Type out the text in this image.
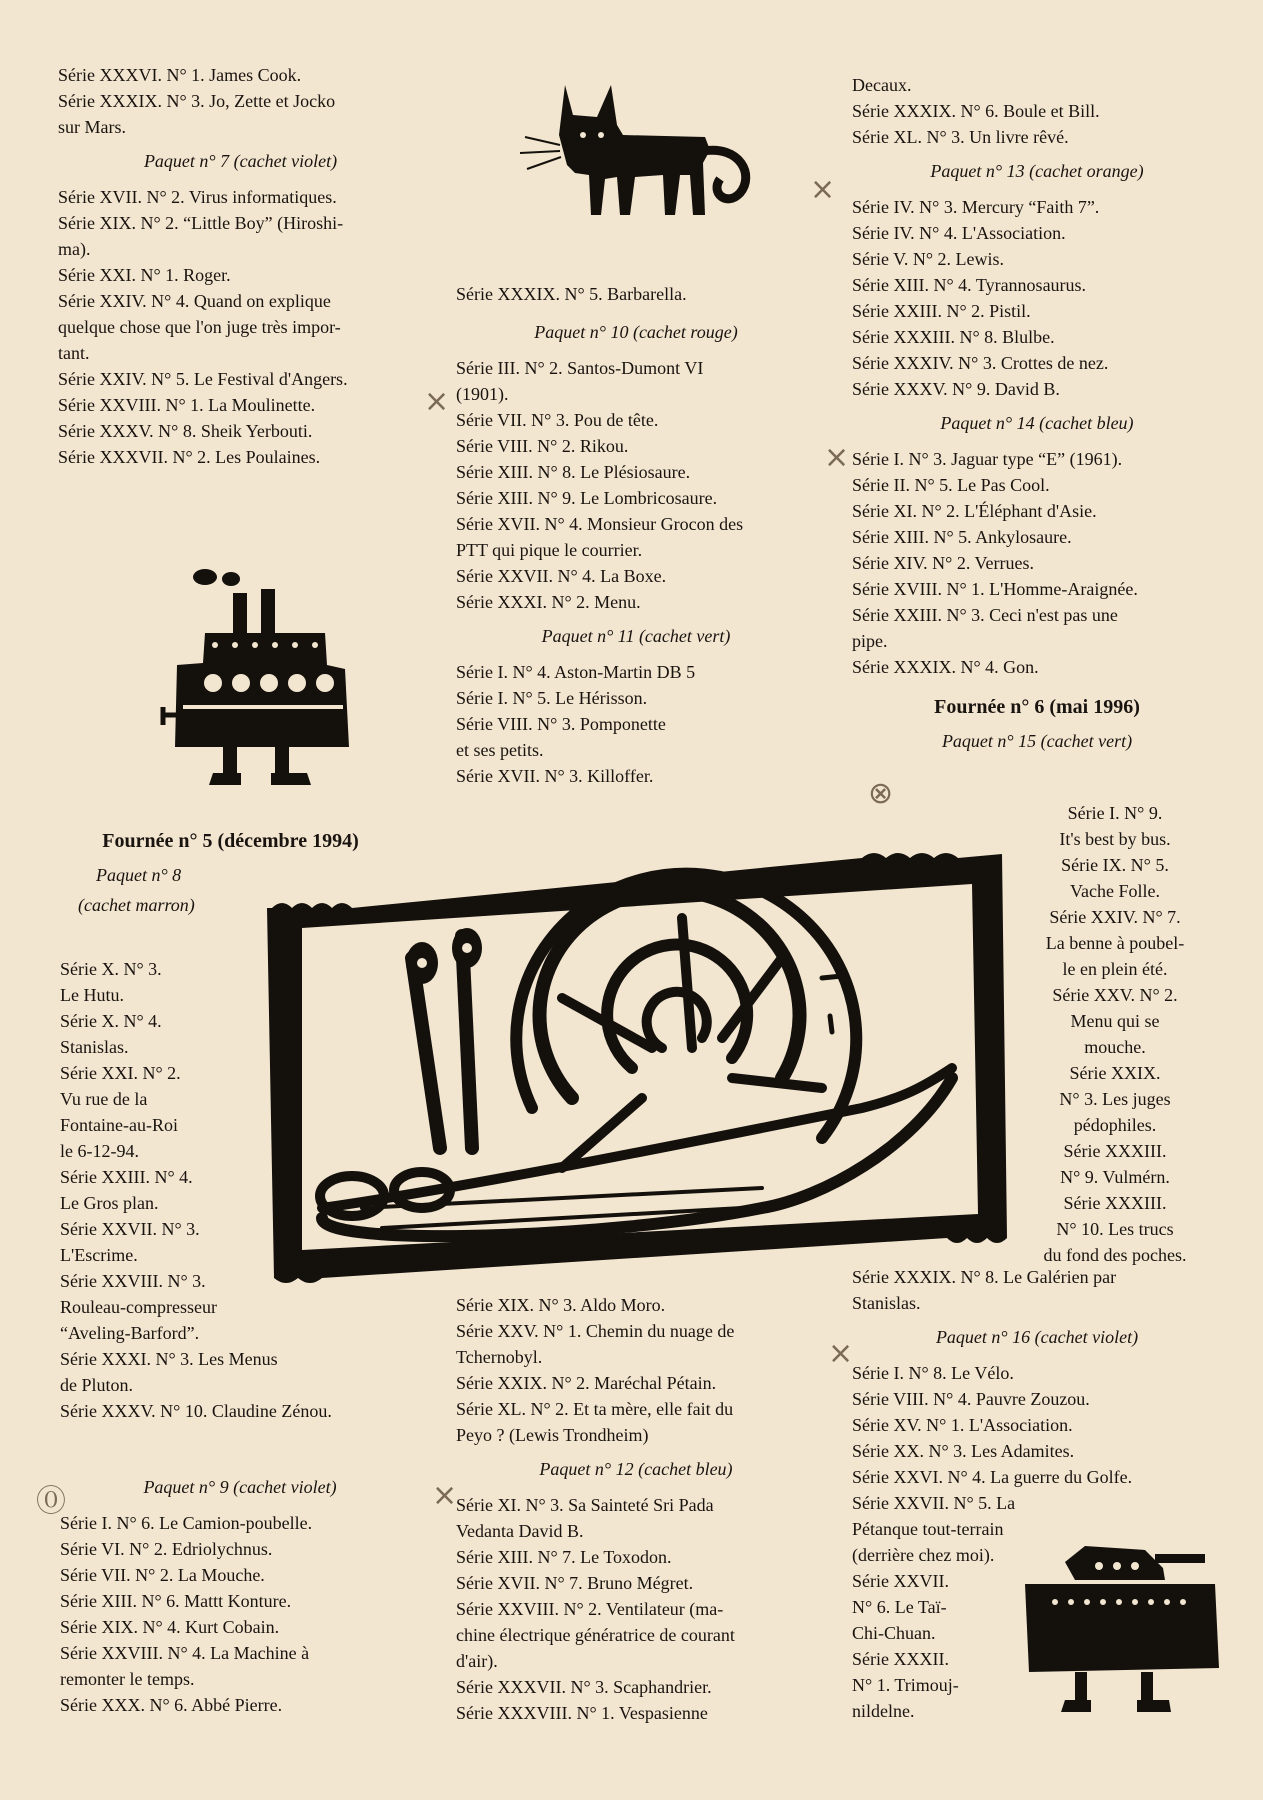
Série XXXVI. N° 1. James Cook.
Série XXXIX. N° 3. Jo, Zette et Jocko
sur Mars.
Paquet n° 7 (cachet violet)
Série XVII. N° 2. Virus informatiques.
Série XIX. N° 2. “Little Boy” (Hiroshi-
ma).
Série XXI. N° 1. Roger.
Série XXIV. N° 4. Quand on explique
quelque chose que l'on juge très impor-
tant.
Série XXIV. N° 5. Le Festival d'Angers.
Série XXVIII. N° 1. La Moulinette.
Série XXXV. N° 8. Sheik Yerbouti.
Série XXXVII. N° 2. Les Poulaines.
Fournée n° 5 (décembre 1994)
Paquet n° 8
(cachet marron)
Série X. N° 3.
Le Hutu.
Série X. N° 4.
Stanislas.
Série XXI. N° 2.
Vu rue de la
Fontaine-au-Roi
le 6-12-94.
Série XXIII. N° 4.
Le Gros plan.
Série XXVII. N° 3.
L'Escrime.
Série XXVIII. N° 3.
Rouleau-compresseur
“Aveling-Barford”.
Série XXXI. N° 3. Les Menus
de Pluton.
Série XXXV. N° 10. Claudine Zénou.
Paquet n° 9 (cachet violet)
Série I. N° 6. Le Camion-poubelle.
Série VI. N° 2. Edriolychnus.
Série VII. N° 2. La Mouche.
Série XIII. N° 6. Mattt Konture.
Série XIX. N° 4. Kurt Cobain.
Série XXVIII. N° 4. La Machine à
remonter le temps.
Série XXX. N° 6. Abbé Pierre.
Série XXXIX. N° 5. Barbarella.
Paquet n° 10 (cachet rouge)
Série III. N° 2. Santos-Dumont VI
(1901).
Série VII. N° 3. Pou de tête.
Série VIII. N° 2. Rikou.
Série XIII. N° 8. Le Plésiosaure.
Série XIII. N° 9. Le Lombricosaure.
Série XVII. N° 4. Monsieur Grocon des
PTT qui pique le courrier.
Série XXVII. N° 4. La Boxe.
Série XXXI. N° 2. Menu.
Paquet n° 11 (cachet vert)
Série I. N° 4. Aston-Martin DB 5
Série I. N° 5. Le Hérisson.
Série VIII. N° 3. Pomponette
et ses petits.
Série XVII. N° 3. Killoffer.
Série XIX. N° 3. Aldo Moro.
Série XXV. N° 1. Chemin du nuage de
Tchernobyl.
Série XXIX. N° 2. Maréchal Pétain.
Série XL. N° 2. Et ta mère, elle fait du
Peyo ? (Lewis Trondheim)
Paquet n° 12 (cachet bleu)
Série XI. N° 3. Sa Sainteté Sri Pada
Vedanta David B.
Série XIII. N° 7. Le Toxodon.
Série XVII. N° 7. Bruno Mégret.
Série XXVIII. N° 2. Ventilateur (ma-
chine électrique génératrice de courant
d'air).
Série XXXVII. N° 3. Scaphandrier.
Série XXXVIII. N° 1. Vespasienne
Decaux.
Série XXXIX. N° 6. Boule et Bill.
Série XL. N° 3. Un livre rêvé.
Paquet n° 13 (cachet orange)
Série IV. N° 3. Mercury “Faith 7”.
Série IV. N° 4. L'Association.
Série V. N° 2. Lewis.
Série XIII. N° 4. Tyrannosaurus.
Série XXIII. N° 2. Pistil.
Série XXXIII. N° 8. Blulbe.
Série XXXIV. N° 3. Crottes de nez.
Série XXXV. N° 9. David B.
Paquet n° 14 (cachet bleu)
Série I. N° 3. Jaguar type “E” (1961).
Série II. N° 5. Le Pas Cool.
Série XI. N° 2. L'Éléphant d'Asie.
Série XIII. N° 5. Ankylosaure.
Série XIV. N° 2. Verrues.
Série XVIII. N° 1. L'Homme-Araignée.
Série XXIII. N° 3. Ceci n'est pas une
pipe.
Série XXXIX. N° 4. Gon.
Fournée n° 6 (mai 1996)
Paquet n° 15 (cachet vert)
Série I. N° 9.
It's best by bus.
Série IX. N° 5.
Vache Folle.
Série XXIV. N° 7.
La benne à poubel-
le en plein été.
Série XXV. N° 2.
Menu qui se
mouche.
Série XXIX.
N° 3. Les juges
pédophiles.
Série XXXIII.
N° 9. Vulmérn.
Série XXXIII.
N° 10. Les trucs
du fond des poches.
Série XXXIX. N° 8. Le Galérien par
Stanislas.
Paquet n° 16 (cachet violet)
Série I. N° 8. Le Vélo.
Série VIII. N° 4. Pauvre Zouzou.
Série XV. N° 1. L'Association.
Série XX. N° 3. Les Adamites.
Série XXVI. N° 4. La guerre du Golfe.
Série XXVII. N° 5. La
Pétanque tout-terrain
(derrière chez moi).
Série XXVII.
N° 6. Le Taï-
Chi-Chuan.
Série XXXII.
N° 1. Trimouj-
nildelne.
×
×
×
⊗
×
×
⓪
